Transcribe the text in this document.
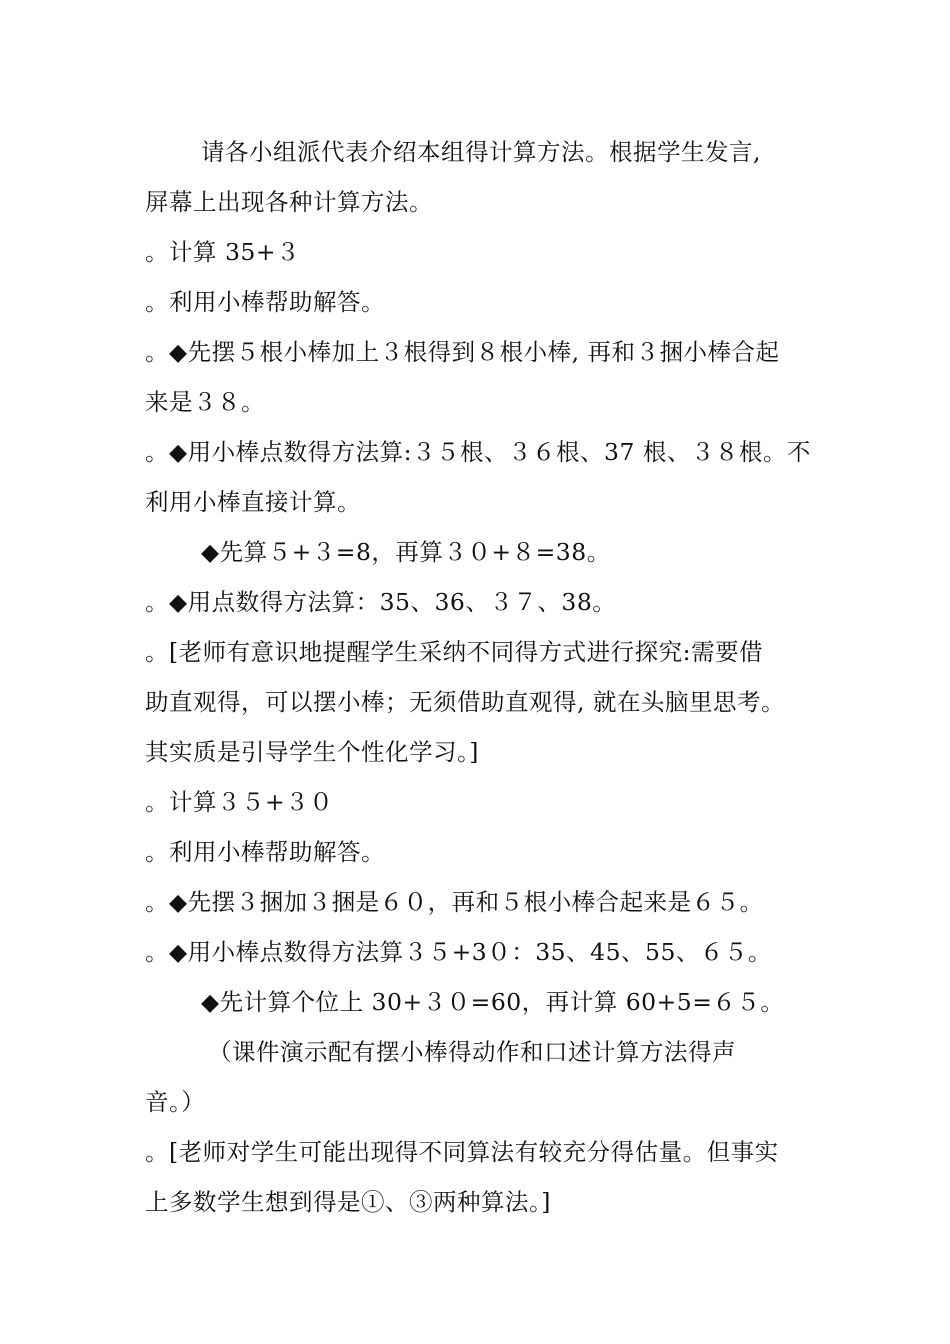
请各小组派代表介绍本组得计算方法。根据学生发言,
屏幕上出现各种计算方法。
。计算 35+３
。利用小棒帮助解答。
。◆先摆５根小棒加上３根得到８根小棒, 再和３捆小棒合起
来是３８。
。◆用小棒点数得方法算:３５根、３６根、37 根、３８根。不
利用小棒直接计算。
◆先算５+３=8，再算３０+８=38。
。◆用点数得方法算：35、36、３７、38。
。[老师有意识地提醒学生采纳不同得方式进行探究:需要借
助直观得，可以摆小棒；无须借助直观得, 就在头脑里思考。
其实质是引导学生个性化学习。]
。计算３５+３０
。利用小棒帮助解答。
。◆先摆３捆加３捆是６０，再和５根小棒合起来是６５。
。◆用小棒点数得方法算３５+3０：35、45、55、６５。
◆先计算个位上 30+３０=60，再计算 60+5=６５。
（课件演示配有摆小棒得动作和口述计算方法得声
音。）
。[老师对学生可能出现得不同算法有较充分得估量。但事实
上多数学生想到得是①、③两种算法。]
